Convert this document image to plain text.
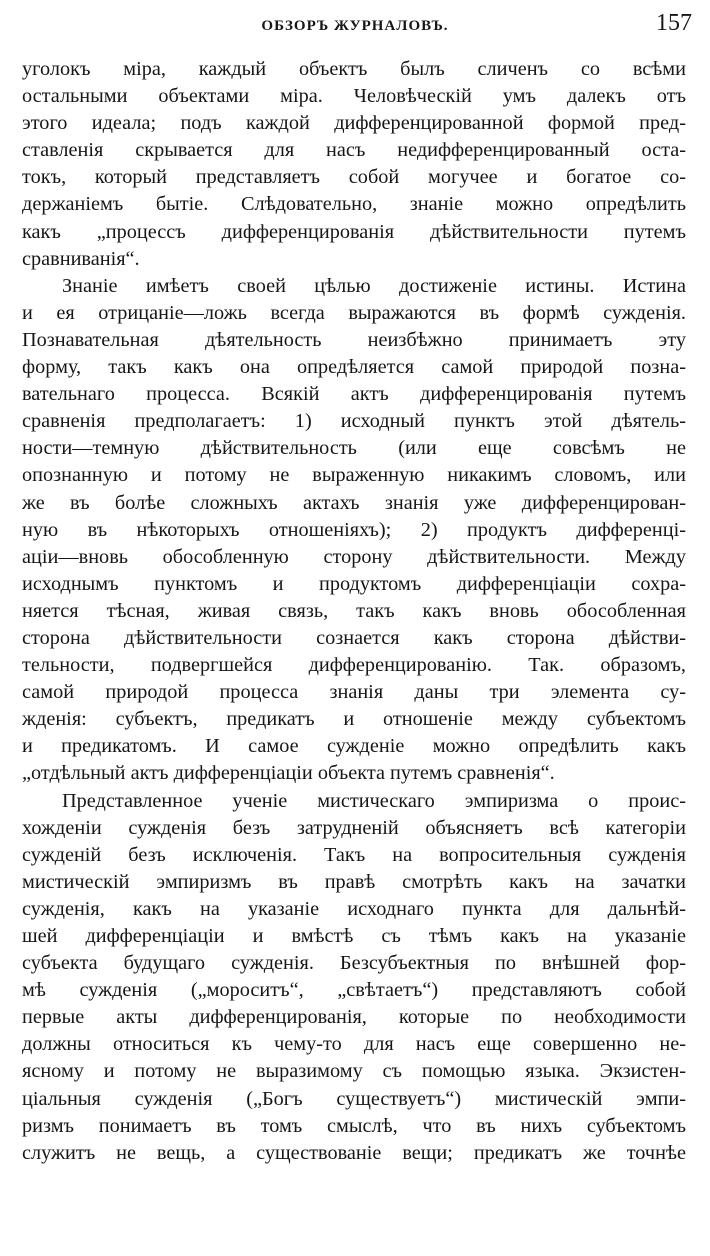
ОБЗОРЪ ЖУРНАЛОВЪ.	157
уголокъ міра, каждый объектъ былъ сличенъ со всѣми
остальными объектами міра. Человѣческій умъ далекъ отъ
этого идеала; подъ каждой дифференцированной формой пред-
ставленія скрывается для насъ недифференцированный оста-
токъ, который представляетъ собой могучее и богатое со-
держаніемъ бытіе. Слѣдовательно, знаніе можно опредѣлить
какъ „процессъ дифференцированія дѣйствительности путемъ
сравниванія“.
Знаніе имѣетъ своей цѣлью достиженіе истины. Истина
и ея отрицаніе—ложь всегда выражаются въ формѣ сужденія.
Познавательная дѣятельность неизбѣжно принимаетъ эту
форму, такъ какъ она опредѣляется самой природой позна-
вательнаго процесса. Всякій актъ дифференцированія путемъ
сравненія предполагаетъ: 1) исходный пунктъ этой дѣятель-
ности—темную дѣйствительность (или еще совсѣмъ не
опознанную и потому не выраженную никакимъ словомъ, или
же въ болѣе сложныхъ актахъ знанія уже дифференцирован-
ную въ нѣкоторыхъ отношеніяхъ); 2) продуктъ дифференці-
аціи—вновь обособленную сторону дѣйствительности. Между
исходнымъ пунктомъ и продуктомъ дифференціаціи сохра-
няется тѣсная, живая связь, такъ какъ вновь обособленная
сторона дѣйствительности сознается какъ сторона дѣйстви-
тельности, подвергшейся дифференцированію. Так. образомъ,
самой природой процесса знанія даны три элемента су-
жденія: субъектъ, предикатъ и отношеніе между субъектомъ
и предикатомъ. И самое сужденіе можно опредѣлить какъ
„отдѣльный актъ дифференціаціи объекта путемъ сравненія“.
Представленное ученіе мистическаго эмпиризма о проис-
хожденіи сужденія безъ затрудненій объясняетъ всѣ категоріи
сужденій безъ исключенія. Такъ на вопросительныя сужденія
мистическій эмпиризмъ въ правѣ смотрѣть какъ на зачатки
сужденія, какъ на указаніе исходнаго пункта для дальнѣй-
шей дифференціаціи и вмѣстѣ съ тѣмъ какъ на указаніе
субъекта будущаго сужденія. Безсубъектныя по внѣшней фор-
мѣ сужденія („мороситъ“, „свѣтаетъ“) представляютъ собой
первые акты дифференцированія, которые по необходимости
должны относиться къ чему-то для насъ еще совершенно не-
ясному и потому не выразимому съ помощью языка. Экзистен-
ціальныя сужденія („Богъ существуетъ“) мистическій эмпи-
ризмъ понимаетъ въ томъ смыслѣ, что въ нихъ субъектомъ
служитъ не вещь, а существованіе вещи; предикатъ же точнѣе
